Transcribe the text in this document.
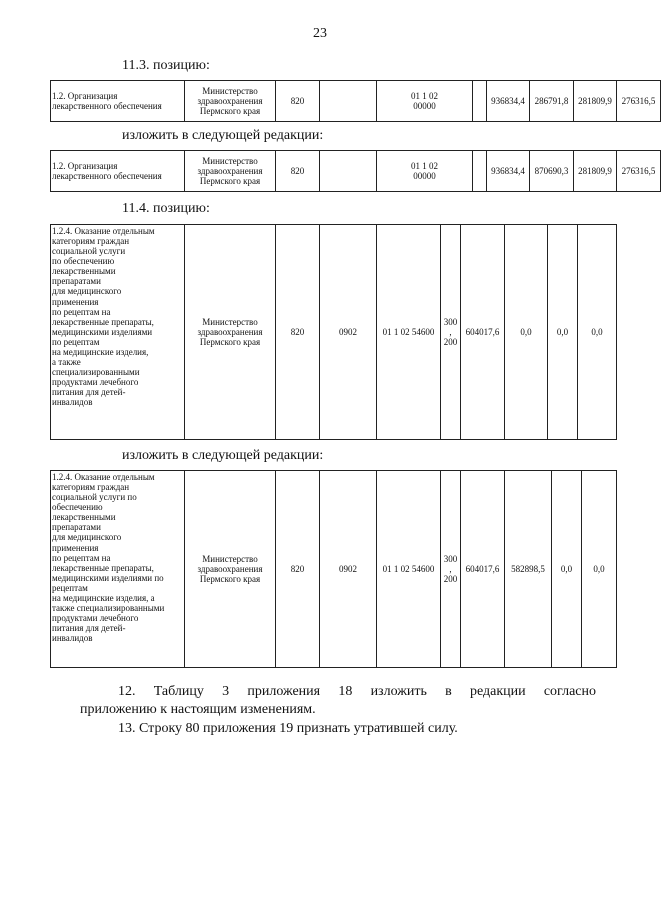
23
11.3. позицию:
1.2. Организация
лекарственного обеспечения	Министерство
здравоохранения
Пермского края	820		01 1 02
00000		936834,4	286791,8	281809,9	276316,5
изложить в следующей редакции:
1.2. Организация
лекарственного обеспечения	Министерство
здравоохранения
Пермского края	820		01 1 02
00000		936834,4	870690,3	281809,9	276316,5
11.4. позицию:
1.2.4. Оказание отдельным
категориям граждан
социальной услуги
по обеспечению
лекарственными
препаратами
для медицинского
применения
по рецептам на
лекарственные препараты,
медицинскими изделиями
по рецептам
на медицинские изделия,
а также
специализированными
продуктами лечебного
питания для детей-
инвалидов	Министерство
здравоохранения
Пермского края	820	0902	01 1 02 54600	300,
200	604017,6	0,0	0,0	0,0
изложить в следующей редакции:
1.2.4. Оказание отдельным
категориям граждан
социальной услуги по
обеспечению
лекарственными
препаратами
для медицинского
применения
по рецептам на
лекарственные препараты,
медицинскими изделиями по
рецептам
на медицинские изделия, а
также специализированными
продуктами лечебного
питания для детей-
инвалидов	Министерство
здравоохранения
Пермского края	820	0902	01 1 02 54600	300,
200	604017,6	582898,5	0,0	0,0
12. Таблицу 3 приложения 18 изложить в редакции согласно
приложению к настоящим изменениям.
13. Строку 80 приложения 19 признать утратившей силу.
